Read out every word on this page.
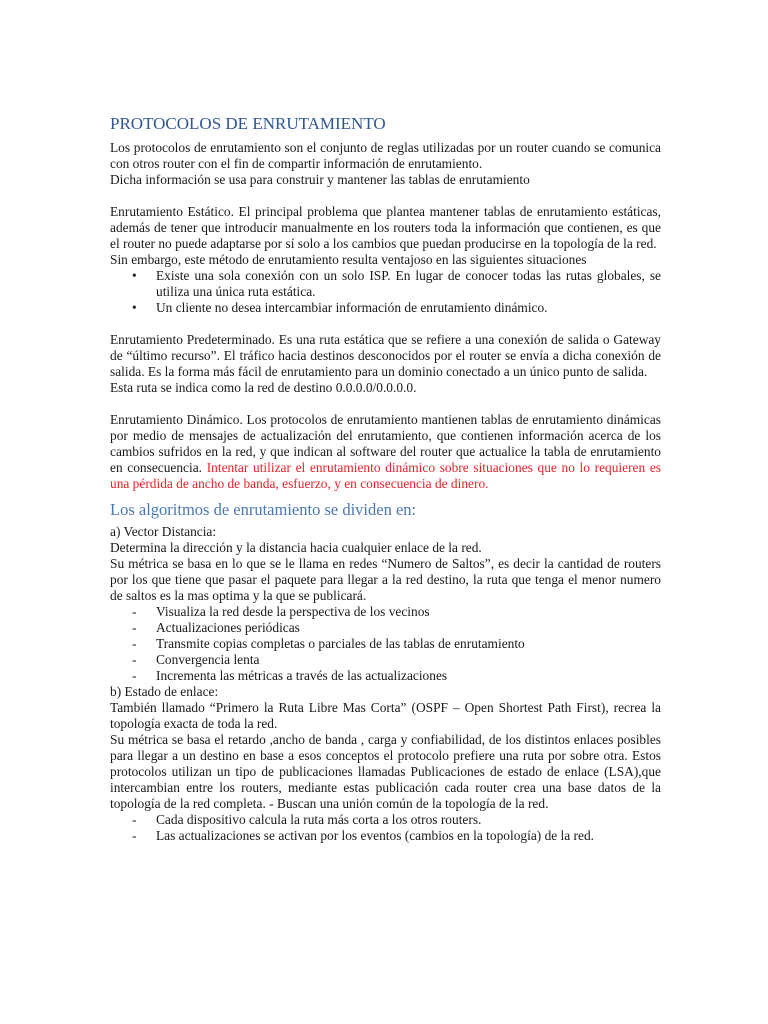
PROTOCOLOS DE ENRUTAMIENTO

Los protocolos de enrutamiento son el conjunto de reglas utilizadas por un router cuando se comunica con otros router con el fin de compartir información de enrutamiento.

Dicha información se usa para construir y mantener las tablas de enrutamiento

Enrutamiento Estático. El principal problema que plantea mantener tablas de enrutamiento estáticas, además de tener que introducir manualmente en los routers toda la información que contienen, es que el router no puede adaptarse por sí solo a los cambios que puedan producirse en la topología de la red.

Sin embargo, este método de enrutamiento resulta ventajoso en las siguientes situaciones

• Existe una sola conexión con un solo ISP. En lugar de conocer todas las rutas globales, se utiliza una única ruta estática.
• Un cliente no desea intercambiar información de enrutamiento dinámico.

Enrutamiento Predeterminado. Es una ruta estática que se refiere a una conexión de salida o Gateway de “último recurso”. El tráfico hacia destinos desconocidos por el router se envía a dicha conexión de salida. Es la forma más fácil de enrutamiento para un dominio conectado a un único punto de salida.

Esta ruta se indica como la red de destino 0.0.0.0/0.0.0.0.

Enrutamiento Dinámico. Los protocolos de enrutamiento mantienen tablas de enrutamiento dinámicas por medio de mensajes de actualización del enrutamiento, que contienen información acerca de los cambios sufridos en la red, y que indican al software del router que actualice la tabla de enrutamiento en consecuencia. Intentar utilizar el enrutamiento dinámico sobre situaciones que no lo requieren es una pérdida de ancho de banda, esfuerzo, y en consecuencia de dinero.

Los algoritmos de enrutamiento se dividen en:

a) Vector Distancia:

Determina la dirección y la distancia hacia cualquier enlace de la red.

Su métrica se basa en lo que se le llama en redes “Numero de Saltos”, es decir la cantidad de routers por los que tiene que pasar el paquete para llegar a la red destino, la ruta que tenga el menor numero de saltos es la mas optima y la que se publicará.

- Visualiza la red desde la perspectiva de los vecinos
- Actualizaciones periódicas
- Transmite copias completas o parciales de las tablas de enrutamiento
- Convergencia lenta
- Incrementa las métricas a través de las actualizaciones

b) Estado de enlace:

También llamado “Primero la Ruta Libre Mas Corta” (OSPF – Open Shortest Path First), recrea la topología exacta de toda la red.

Su métrica se basa el retardo ,ancho de banda , carga y confiabilidad, de los distintos enlaces posibles para llegar a un destino en base a esos conceptos el protocolo prefiere una ruta por sobre otra. Estos protocolos utilizan un tipo de publicaciones llamadas Publicaciones de estado de enlace (LSA),que intercambian entre los routers, mediante estas publicación cada router crea una base datos de la topología de la red completa. - Buscan una unión común de la topología de la red.

- Cada dispositivo calcula la ruta más corta a los otros routers.
- Las actualizaciones se activan por los eventos (cambios en la topología) de la red.
